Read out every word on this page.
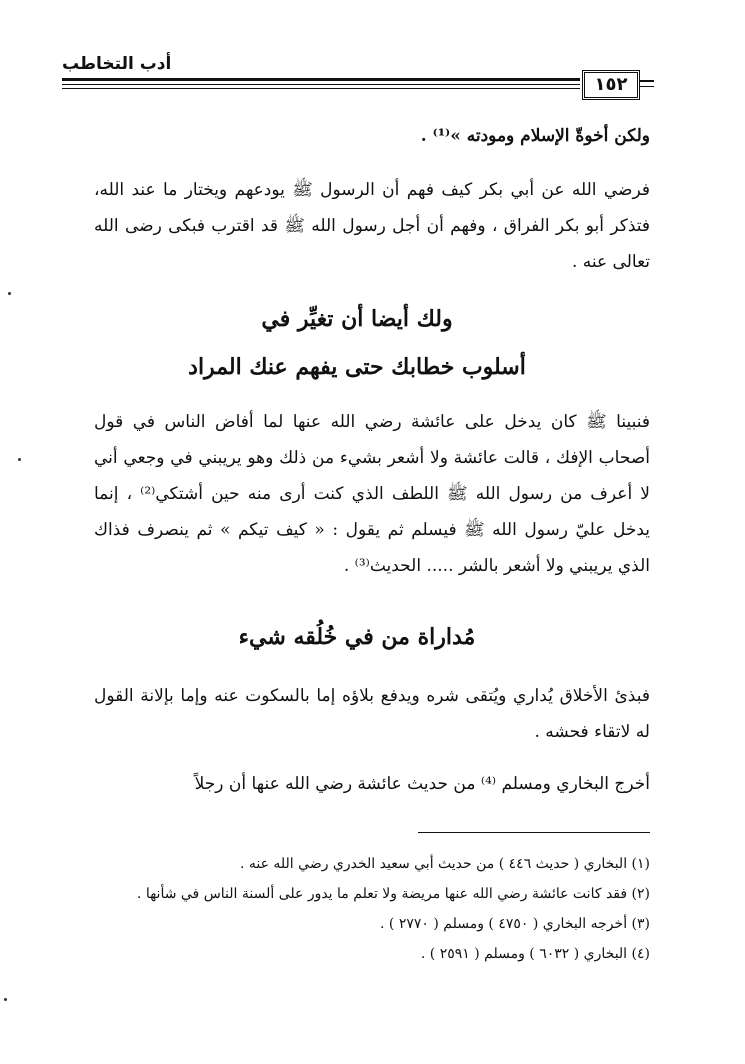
أدب التخاطب
١٥٢

ولكن أخوةّ الإسلام ومودته »⁽¹⁾ .

فرضي الله عن أبي بكر كيف فهم أن الرسول ﷺ يودعهم ويختار ما عند الله، فتذكر أبو بكر الفراق ، وفهم أن أجل رسول الله ﷺ قد اقترب فبكى رضى الله تعالى عنه .

ولك أيضا أن تغيِّر في
أسلوب خطابك حتى يفهم عنك المراد

فنبينا ﷺ كان يدخل على عائشة رضي الله عنها لما أفاض الناس في قول أصحاب الإفك ، قالت عائشة ولا أشعر بشيء من ذلك وهو يريبني في وجعي أني لا أعرف من رسول الله ﷺ اللطف الذي كنت أرى منه حين أشتكي⁽²⁾ ، إنما يدخل عليّ رسول الله ﷺ فيسلم ثم يقول : « كيف تيكم » ثم ينصرف فذاك الذي يريبني ولا أشعر بالشر ..... الحديث⁽³⁾ .

مُداراة من في خُلُقه شيء

فبذئ الأخلاق يُداري ويُتقى شره ويدفع بلاؤه إما بالسكوت عنه وإما بإلانة القول له لاتقاء فحشه .

أخرج البخاري ومسلم ⁽⁴⁾ من حديث عائشة رضي الله عنها أن رجلاً

(١) البخاري ( حديث ٤٤٦ ) من حديث أبي سعيد الخدري رضي الله عنه .
(٢) فقد كانت عائشة رضي الله عنها مريضة ولا تعلم ما يدور على ألسنة الناس في شأنها .
(٣) أخرجه البخاري ( ٤٧٥٠ ) ومسلم ( ٢٧٧٠ ) .
(٤) البخاري ( ٦٠٣٢ ) ومسلم ( ٢٥٩١ ) .
